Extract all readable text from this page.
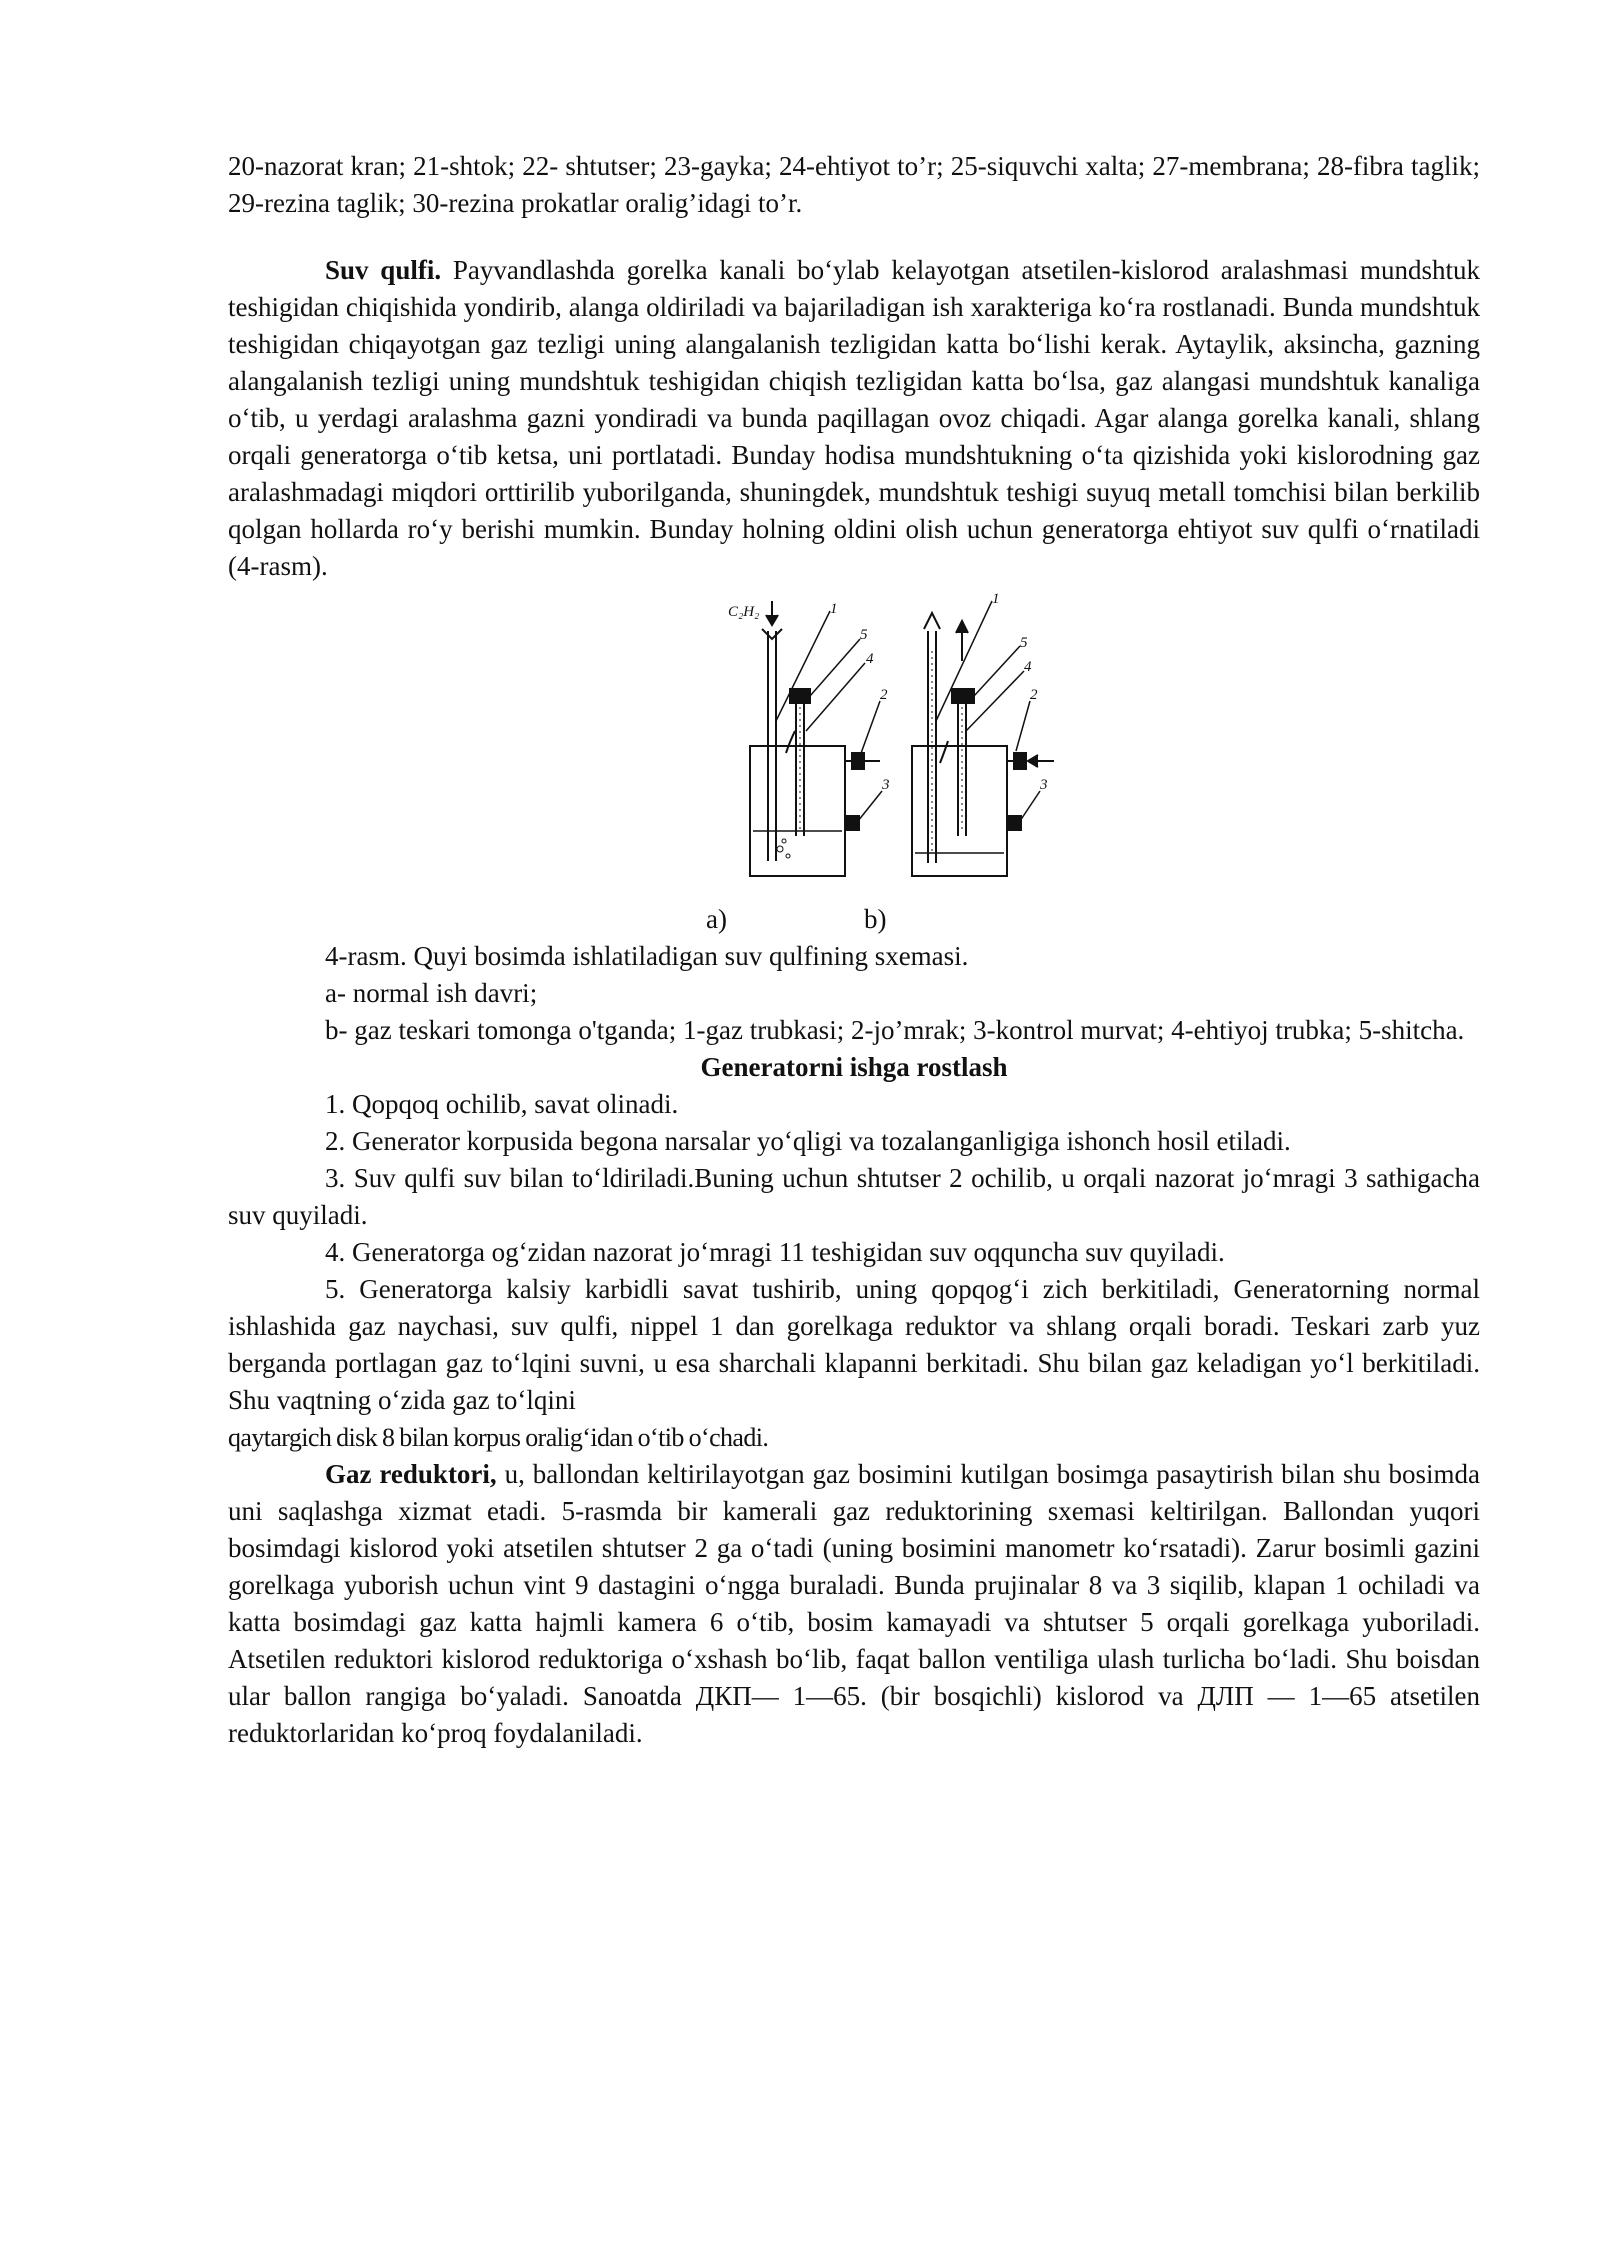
20-nazorat kran; 21-shtok; 22- shtutser; 23-gayka; 24-ehtiyot to’r; 25-siquvchi xalta; 27-membrana; 28-fibra taglik; 29-rezina taglik; 30-rezina prokatlar oralig’idagi to’r.

Suv qulfi. Payvandlashda gorelka kanali bo‘ylab kelayotgan atsetilen-kislorod aralashmasi mundshtuk teshigidan chiqishida yondirib, alanga oldiriladi va bajariladigan ish xarakteriga ko‘ra rostlanadi. Bunda mundshtuk teshigidan chiqayotgan gaz tezligi uning alangalanish tezligidan katta bo‘lishi kerak. Aytaylik, aksincha, gazning alangalanish tezligi uning mundshtuk teshigidan chiqish tezligidan katta bo‘lsa, gaz alangasi mundshtuk kanaliga o‘tib, u yerdagi aralashma gazni yondiradi va bunda paqillagan ovoz chiqadi. Agar alanga gorelka kanali, shlang orqali generatorga o‘tib ketsa, uni portlatadi. Bunday hodisa mundshtukning o‘ta qizishida yoki kislorodning gaz aralashmadagi miqdori orttirilib yuborilganda, shuningdek, mundshtuk teshigi suyuq metall tomchisi bilan berkilib qolgan hollarda ro‘y berishi mumkin. Bunday holning oldini olish uchun generatorga ehtiyot suv qulfi o‘rnatiladi (4-rasm).

C₂H₂	1
5
4
2
3
1
5
4
2
3
a)	b)

4-rasm. Quyi bosimda ishlatiladigan suv qulfining sxemasi.

a- normal ish davri;

b- gaz teskari tomonga o'tganda; 1-gaz trubkasi; 2-jo’mrak; 3-kontrol murvat; 4-ehtiyoj trubka; 5-shitcha.

Generatorni ishga rostlash

1. Qopqoq ochilib, savat olinadi.

2. Generator korpusida begona narsalar yo‘qligi va tozalanganligiga ishonch hosil etiladi.

3. Suv qulfi suv bilan to‘ldiriladi.Buning uchun shtutser 2 ochilib, u orqali nazorat jo‘mragi 3 sathigacha suv quyiladi.

4. Generatorga og‘zidan nazorat jo‘mragi 11 teshigidan suv oqquncha suv quyiladi.

5. Generatorga kalsiy karbidli savat tushirib, uning qopqog‘i zich berkitiladi, Generatorning normal ishlashida gaz naychasi, suv qulfi, nippel 1 dan gorelkaga reduktor va shlang orqali boradi. Teskari zarb yuz berganda portlagan gaz to‘lqini suvni, u esa sharchali klapanni berkitadi. Shu bilan gaz keladigan yo‘l berkitiladi. Shu vaqtning o‘zida gaz to‘lqini

qaytargich disk 8 bilan korpus oralig‘idan o‘tib o‘chadi.

Gaz reduktori, u, ballondan keltirilayotgan gaz bosimini kutilgan bosimga pasaytirish bilan shu bosimda uni saqlashga xizmat etadi. 5-rasmda bir kamerali gaz reduktorining sxemasi keltirilgan. Ballondan yuqori bosimdagi kislorod yoki atsetilen shtutser 2 ga o‘tadi (uning bosimini manometr ko‘rsatadi). Zarur bosimli gazini gorelkaga yuborish uchun vint 9 dastagini o‘ngga buraladi. Bunda prujinalar 8 va 3 siqilib, klapan 1 ochiladi va katta bosimdagi gaz katta hajmli kamera 6 o‘tib, bosim kamayadi va shtutser 5 orqali gorelkaga yuboriladi. Atsetilen reduktori kislorod reduktoriga o‘xshash bo‘lib, faqat ballon ventiliga ulash turlicha bo‘ladi. Shu boisdan ular ballon rangiga bo‘yaladi. Sanoatda ДКП— 1—65. (bir bosqichli) kislorod va ДЛП — 1—65 atsetilen reduktorlaridan ko‘proq foydalaniladi.
